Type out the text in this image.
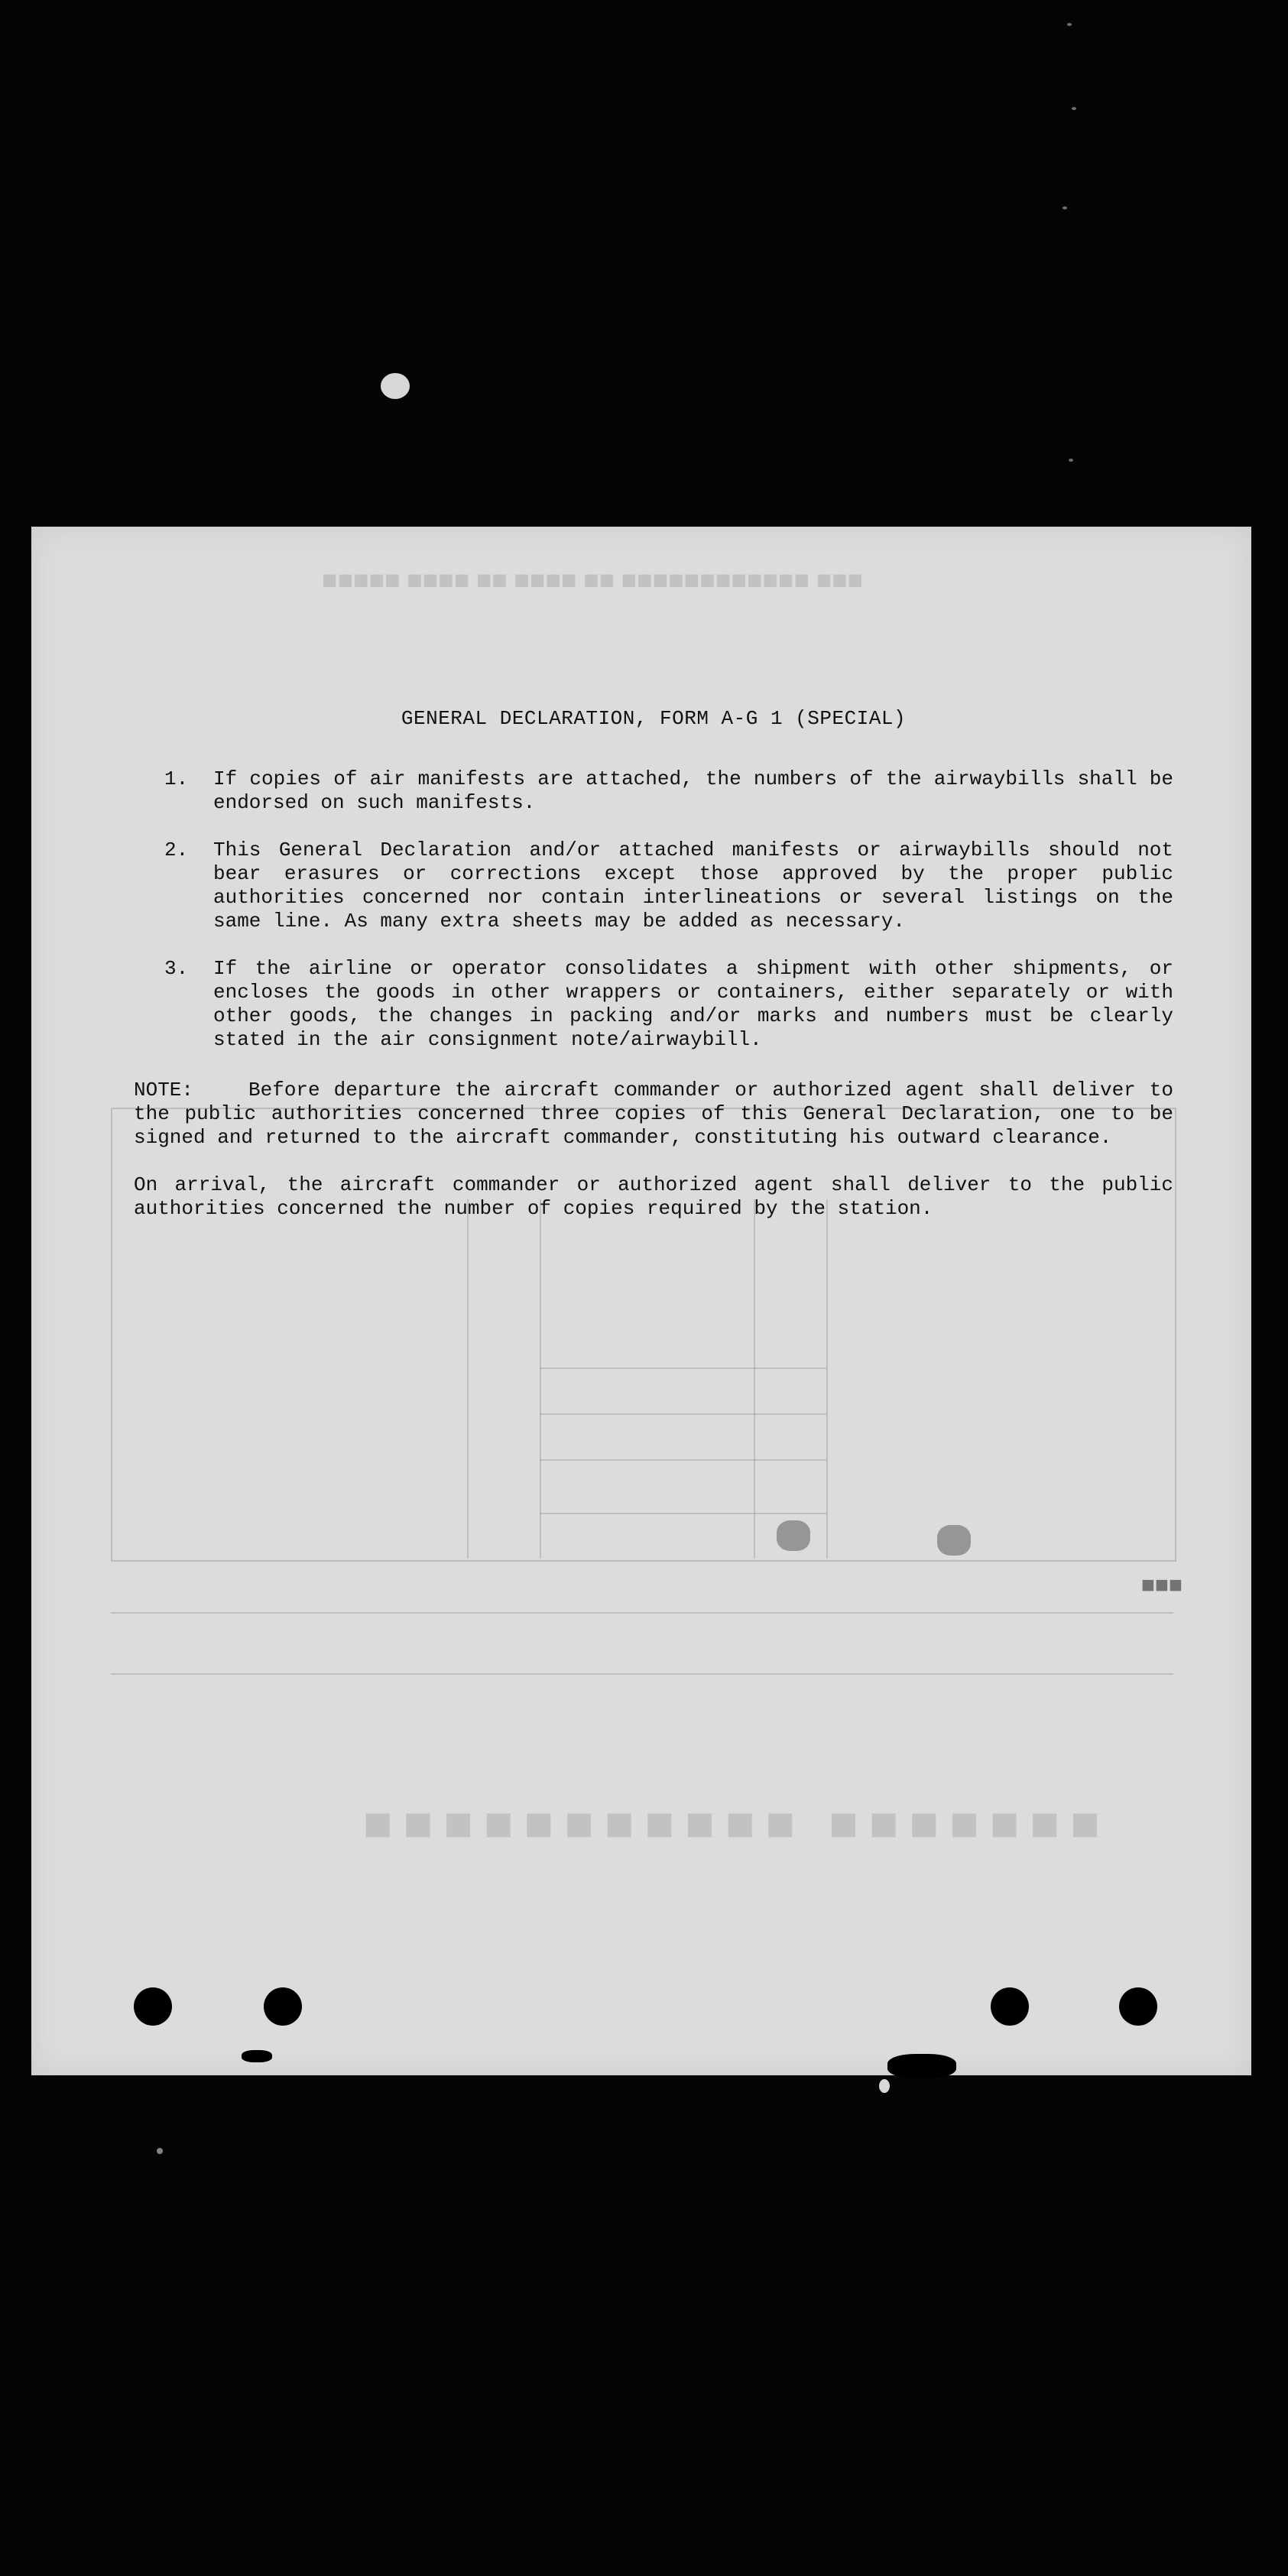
■■■ ■■■■■■■■■■■■ ■■ ■■■■ ■■ ■■■■ ■■■■■
■■■■■■■ ■■■■■■■■■■■
■■■
GENERAL DECLARATION, FORM A-G 1 (SPECIAL)
1.	If copies of air manifests are attached, the numbers of the airwaybills shall be endorsed on such manifests.
2.	This General Declaration and/or attached manifests or airwaybills should not bear erasures or corrections except those approved by the proper public authorities concerned nor contain interlineations or several listings on the same line. As many extra sheets may be added as necessary.
3.	If the airline or operator consolidates a shipment with other shipments, or encloses the goods in other wrappers or containers, either separately or with other goods, the changes in packing and/or marks and numbers must be clearly stated in the air consignment note/airwaybill.
NOTE:	Before departure the aircraft commander or authorized agent shall deliver to the public authorities concerned three copies of this General Declaration, one to be signed and returned to the aircraft commander, constituting his outward clearance.
On arrival, the aircraft commander or authorized agent shall deliver to the public authorities concerned the number of copies required by the station.
